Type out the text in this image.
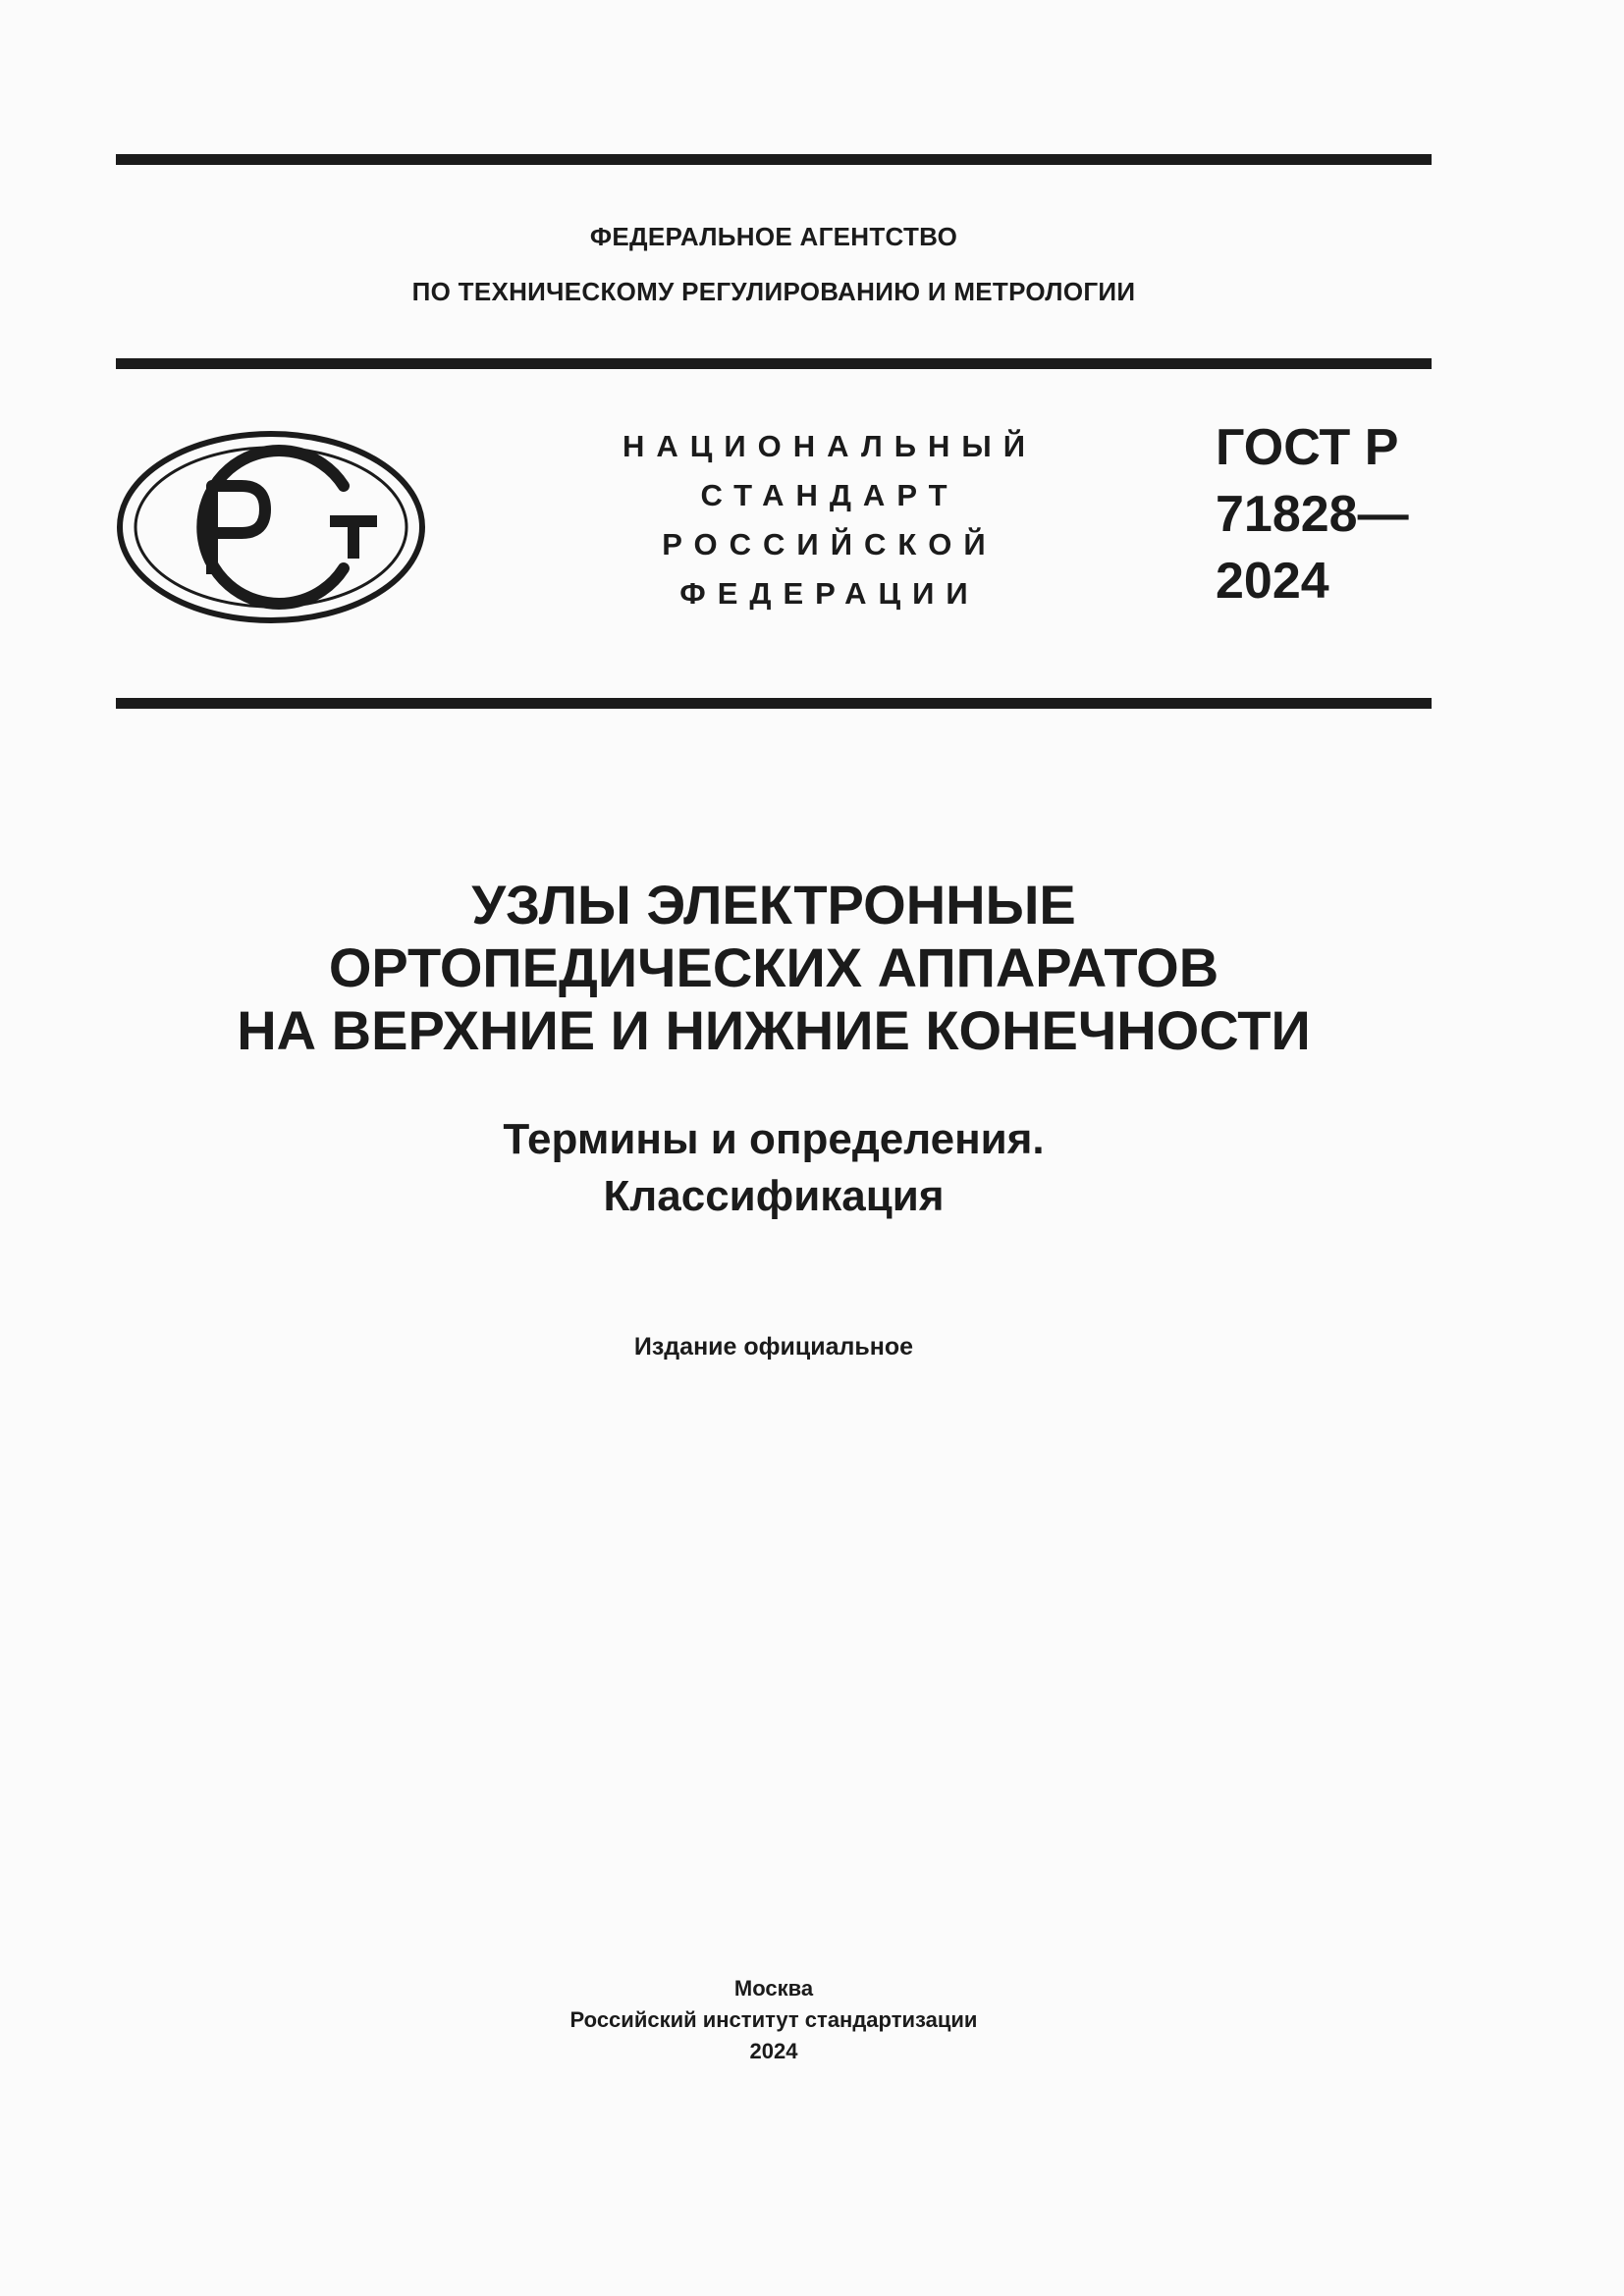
ФЕДЕРАЛЬНОЕ АГЕНТСТВО
ПО ТЕХНИЧЕСКОМУ РЕГУЛИРОВАНИЮ И МЕТРОЛОГИИ
НАЦИОНАЛЬНЫЙ
СТАНДАРТ
РОССИЙСКОЙ
ФЕДЕРАЦИИ
ГОСТ Р
71828—
2024
УЗЛЫ ЭЛЕКТРОННЫЕ
ОРТОПЕДИЧЕСКИХ АППАРАТОВ
НА ВЕРХНИЕ И НИЖНИЕ КОНЕЧНОСТИ
Термины и определения.
Классификация
Издание официальное
Москва
Российский институт стандартизации
2024
